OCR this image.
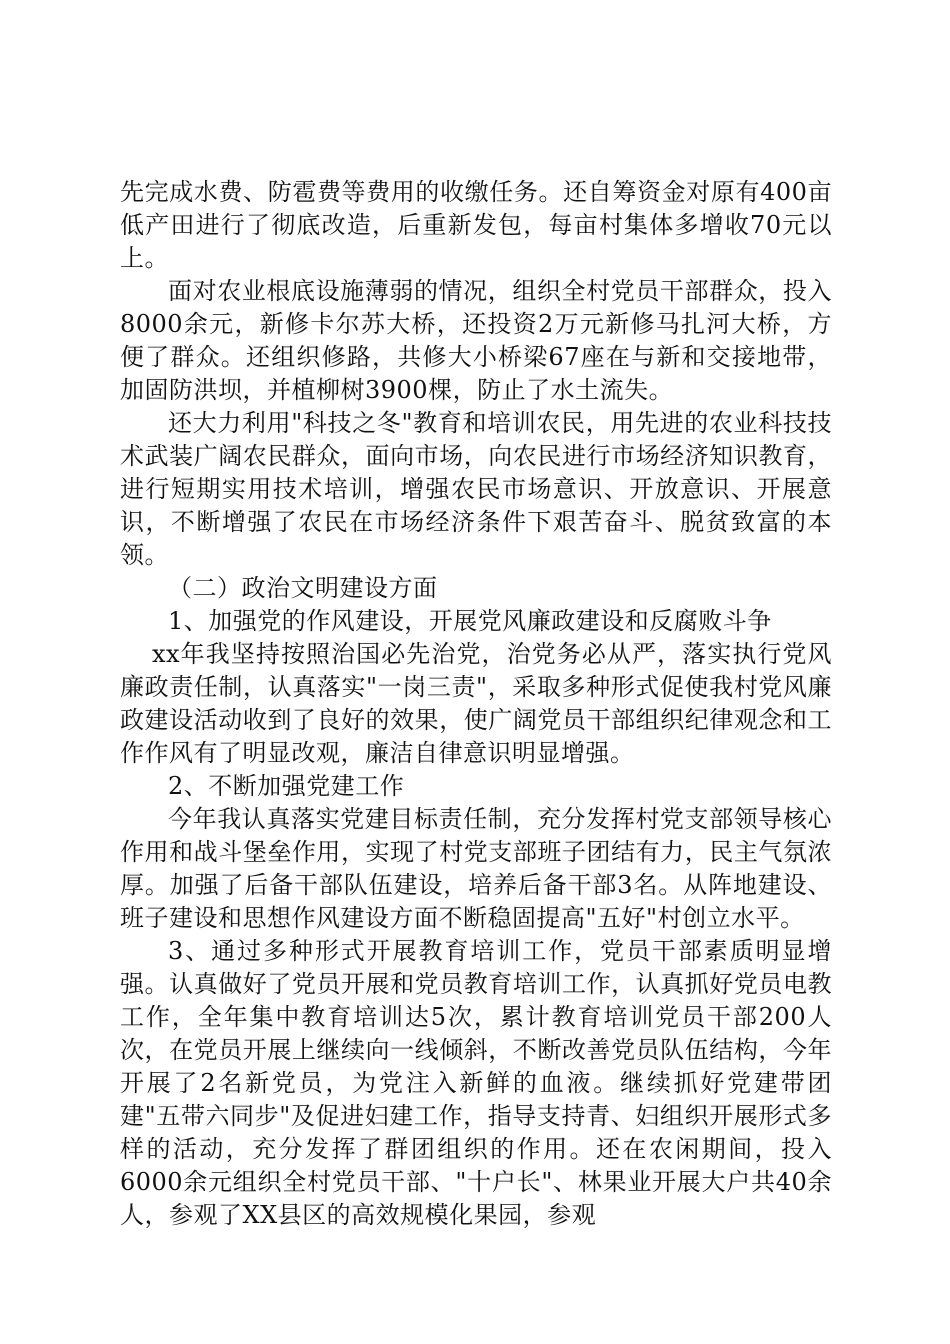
先完成水费、防雹费等费用的收缴任务。还自筹资金对原有400亩低产田进行了彻底改造，后重新发包，每亩村集体多增收70元以上。

面对农业根底设施薄弱的情况，组织全村党员干部群众，投入8000余元，新修卡尔苏大桥，还投资2万元新修马扎河大桥，方便了群众。还组织修路，共修大小桥梁67座在与新和交接地带，加固防洪坝，并植柳树3900棵，防止了水土流失。

还大力利用"科技之冬"教育和培训农民，用先进的农业科技技术武装广阔农民群众，面向市场，向农民进行市场经济知识教育，进行短期实用技术培训，增强农民市场意识、开放意识、开展意识，不断增强了农民在市场经济条件下艰苦奋斗、脱贫致富的本领。

（二）政治文明建设方面

1、加强党的作风建设，开展党风廉政建设和反腐败斗争

xx年我坚持按照治国必先治党，治党务必从严，落实执行党风廉政责任制，认真落实"一岗三责"，采取多种形式促使我村党风廉政建设活动收到了良好的效果，使广阔党员干部组织纪律观念和工作作风有了明显改观，廉洁自律意识明显增强。

2、不断加强党建工作

今年我认真落实党建目标责任制，充分发挥村党支部领导核心作用和战斗堡垒作用，实现了村党支部班子团结有力，民主气氛浓厚。加强了后备干部队伍建设，培养后备干部3名。从阵地建设、班子建设和思想作风建设方面不断稳固提高"五好"村创立水平。

3、通过多种形式开展教育培训工作，党员干部素质明显增强。认真做好了党员开展和党员教育培训工作，认真抓好党员电教工作，全年集中教育培训达5次，累计教育培训党员干部200人次，在党员开展上继续向一线倾斜，不断改善党员队伍结构，今年开展了2名新党员，为党注入新鲜的血液。继续抓好党建带团建"五带六同步"及促进妇建工作，指导支持青、妇组织开展形式多样的活动，充分发挥了群团组织的作用。还在农闲期间，投入6000余元组织全村党员干部、"十户长"、林果业开展大户共40余人，参观了XX县区的高效规模化果园，参观
